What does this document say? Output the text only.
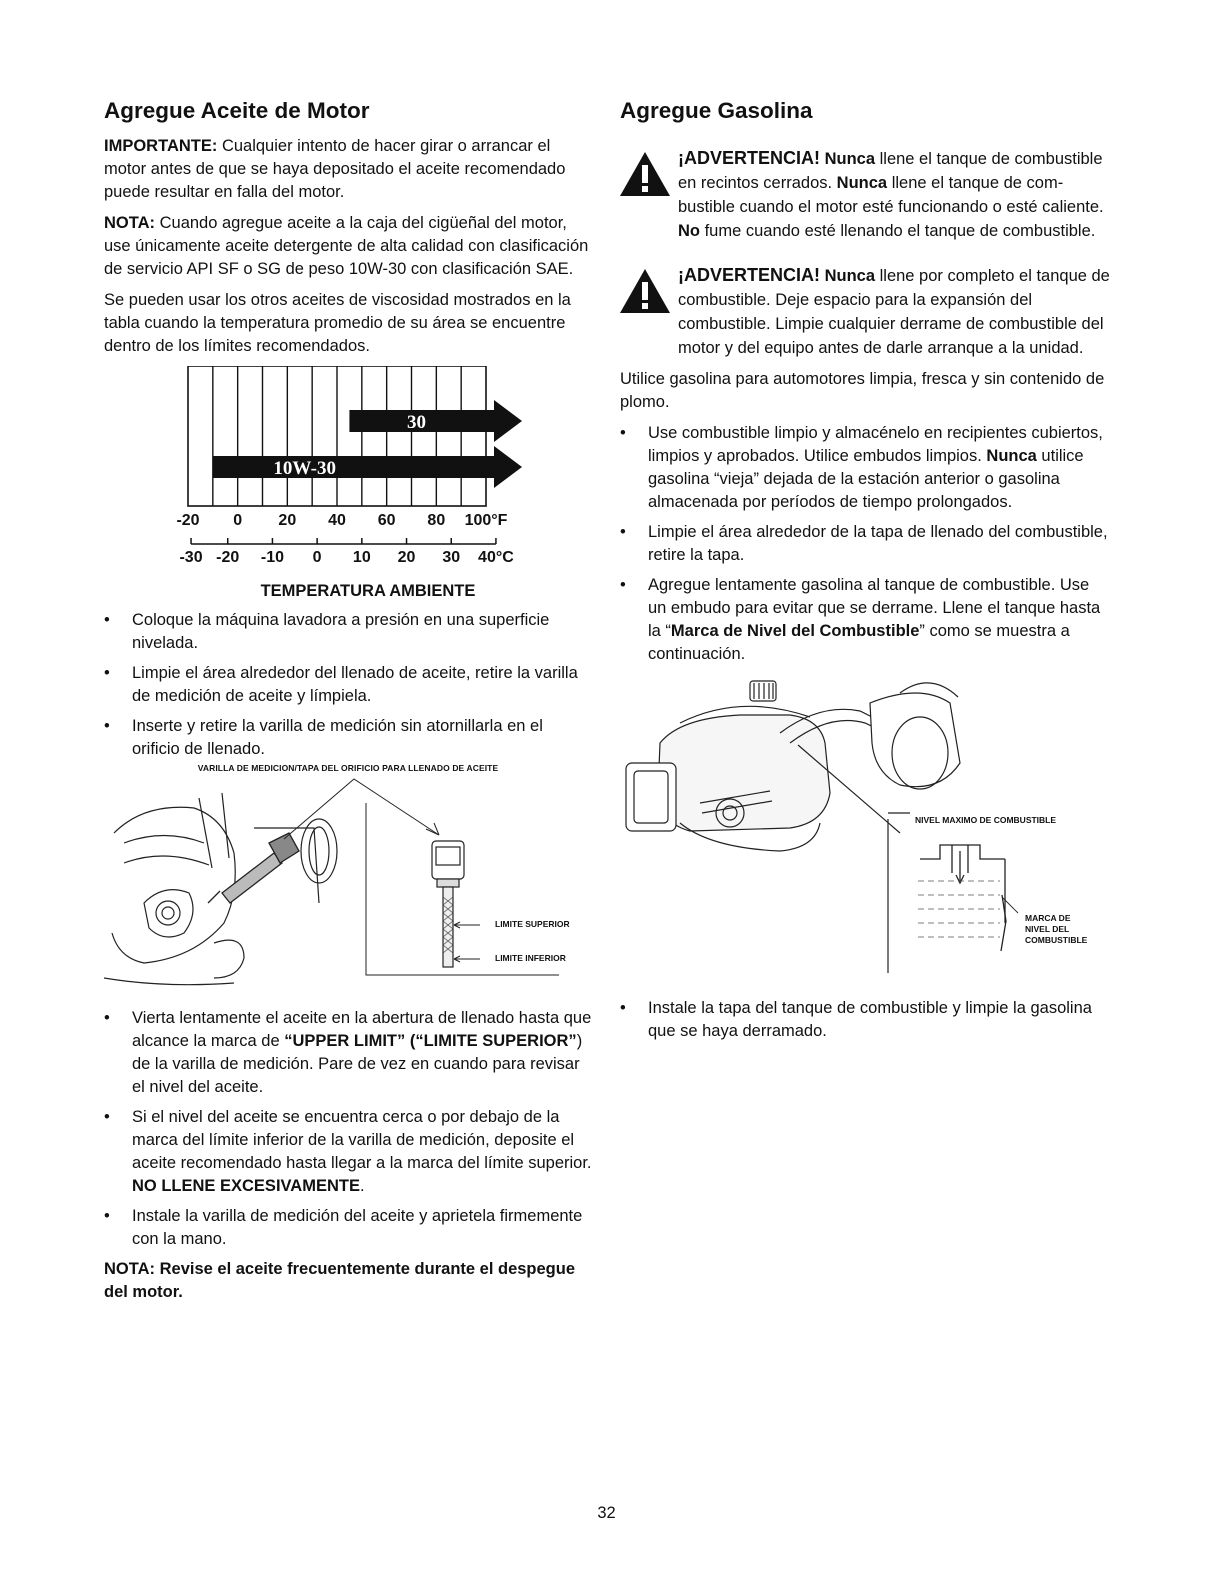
Agregue Aceite de Motor

IMPORTANTE: Cualquier intento de hacer girar o arrancar el motor antes de que se haya depositado el aceite recomendado puede resultar en falla del motor.

NOTA: Cuando agregue aceite a la caja del cigüeñal del motor, use únicamente aceite detergente de alta calidad con clasificación de servicio API SF o SG de peso 10W-30 con clasificación SAE.

Se pueden usar los otros aceites de viscosidad mostrados en la tabla cuando la temperatura promedio de su área se encuentre dentro de los límites recomendados.

30
10W-30
-20 0 20 40 60 80 100°F
-30 -20 -10 0 10 20 30 40°C
TEMPERATURA AMBIENTE
• Coloque la máquina lavadora a presión en una superficie nivelada.
• Limpie el área alrededor del llenado de aceite, retire la varilla de medición de aceite y límpiela.
• Inserte y retire la varilla de medición sin atornillarla en el orificio de llenado.
VARILLA DE MEDICION/TAPA DEL ORIFICIO PARA LLENADO DE ACEITE
LIMITE SUPERIOR
LIMITE INFERIOR
• Vierta lentamente el aceite en la abertura de llenado hasta que alcance la marca de “UPPER LIMIT” (“LIMITE SUPERIOR”) de la varilla de medición. Pare de vez en cuando para revisar el nivel del aceite.
• Si el nivel del aceite se encuentra cerca o por debajo de la marca del límite inferior de la varilla de medición, deposite el aceite recomendado hasta llegar a la marca del límite superior. NO LLENE EXCESIVAMENTE.
• Instale la varilla de medición del aceite y aprietela firmemente con la mano.

NOTA: Revise el aceite frecuentemente durante el despegue del motor.

Agregue Gasolina

¡ADVERTENCIA! Nunca llene el tanque de combustible en recintos cerrados. Nunca llene el tanque de com-bustible cuando el motor esté funcionando o esté caliente. No fume cuando esté llenando el tanque de combustible.

¡ADVERTENCIA! Nunca llene por completo el tanque de combustible. Deje espacio para la expansión del combustible. Limpie cualquier derrame de combustible del motor y del equipo antes de darle arranque a la unidad.

Utilice gasolina para automotores limpia, fresca y sin contenido de plomo.

• Use combustible limpio y almacénelo en recipientes cubiertos, limpios y aprobados. Utilice embudos limpios. Nunca utilice gasolina “vieja” dejada de la estación anterior o gasolina almacenada por períodos de tiempo prolongados.
• Limpie el área alrededor de la tapa de llenado del combustible, retire la tapa.
• Agregue lentamente gasolina al tanque de combustible. Use un embudo para evitar que se derrame. Llene el tanque hasta la “Marca de Nivel del Combustible” como se muestra a continuación.
NIVEL MAXIMO DE COMBUSTIBLE
MARCA DE
NIVEL DEL
COMBUSTIBLE
• Instale la tapa del tanque de combustible y limpie la gasolina que se haya derramado.
32
